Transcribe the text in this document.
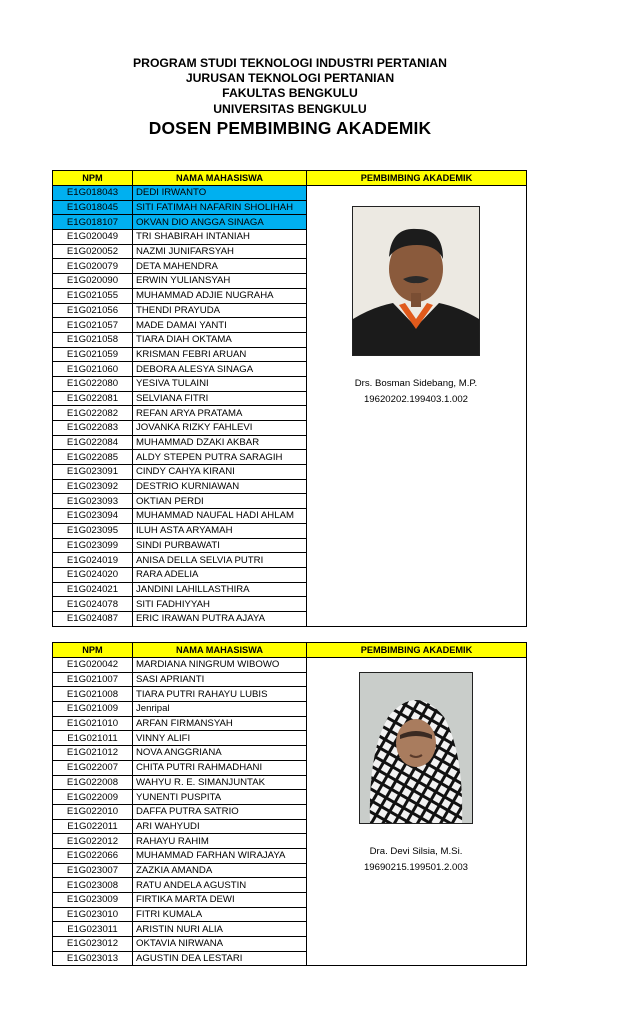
PROGRAM STUDI TEKNOLOGI INDUSTRI PERTANIAN
JURUSAN TEKNOLOGI PERTANIAN
FAKULTAS BENGKULU
UNIVERSITAS BENGKULU
DOSEN PEMBIMBING AKADEMIK
NPM	NAMA MAHASISWA	PEMBIMBING AKADEMIK
E1G018043	DEDI IRWANTO	
E1G018045	SITI FATIMAH NAFARIN SHOLIHAH	
E1G018107	OKVAN DIO ANGGA SINAGA	
E1G020049	TRI SHABIRAH INTANIAH	
E1G020052	NAZMI JUNIFARSYAH	
E1G020079	DETA MAHENDRA	
E1G020090	ERWIN YULIANSYAH	
E1G021055	MUHAMMAD ADJIE NUGRAHA	
E1G021056	THENDI PRAYUDA	
E1G021057	MADE DAMAI YANTI	
E1G021058	TIARA DIAH OKTAMA	
E1G021059	KRISMAN FEBRI ARUAN	
E1G021060	DEBORA ALESYA SINAGA	
E1G022080	YESIVA TULAINI	
E1G022081	SELVIANA FITRI	
E1G022082	REFAN ARYA PRATAMA	
E1G022083	JOVANKA RIZKY FAHLEVI	
E1G022084	MUHAMMAD DZAKI AKBAR	
E1G022085	ALDY STEPEN PUTRA SARAGIH	
E1G023091	CINDY CAHYA KIRANI	
E1G023092	DESTRIO KURNIAWAN	
E1G023093	OKTIAN PERDI	
E1G023094	MUHAMMAD NAUFAL HADI AHLAM	
E1G023095	ILUH ASTA ARYAMAH	
E1G023099	SINDI PURBAWATI	
E1G024019	ANISA DELLA SELVIA PUTRI	
E1G024020	RARA ADELIA	
E1G024021	JANDINI LAHILLASTHIRA	
E1G024078	SITI FADHIYYAH	
E1G024087	ERIC IRAWAN PUTRA AJAYA	
Drs. Bosman Sidebang, M.P.
19620202.199403.1.002
NPM	NAMA MAHASISWA	PEMBIMBING AKADEMIK
E1G020042	MARDIANA NINGRUM WIBOWO	
E1G021007	SASI APRIANTI	
E1G021008	TIARA PUTRI RAHAYU LUBIS	
E1G021009	Jenripal	
E1G021010	ARFAN FIRMANSYAH	
E1G021011	VINNY ALIFI	
E1G021012	NOVA ANGGRIANA	
E1G022007	CHITA PUTRI RAHMADHANI	
E1G022008	WAHYU R. E. SIMANJUNTAK	
E1G022009	YUNENTI PUSPITA	
E1G022010	DAFFA PUTRA SATRIO	
E1G022011	ARI WAHYUDI	
E1G022012	RAHAYU RAHIM	
E1G022066	MUHAMMAD FARHAN WIRAJAYA	
E1G023007	ZAZKIA AMANDA	
E1G023008	RATU ANDELA AGUSTIN	
E1G023009	FIRTIKA MARTA DEWI	
E1G023010	FITRI KUMALA	
E1G023011	ARISTIN NURI ALIA	
E1G023012	OKTAVIA NIRWANA	
E1G023013	AGUSTIN DEA LESTARI	
Dra. Devi Silsia, M.Si.
19690215.199501.2.003
